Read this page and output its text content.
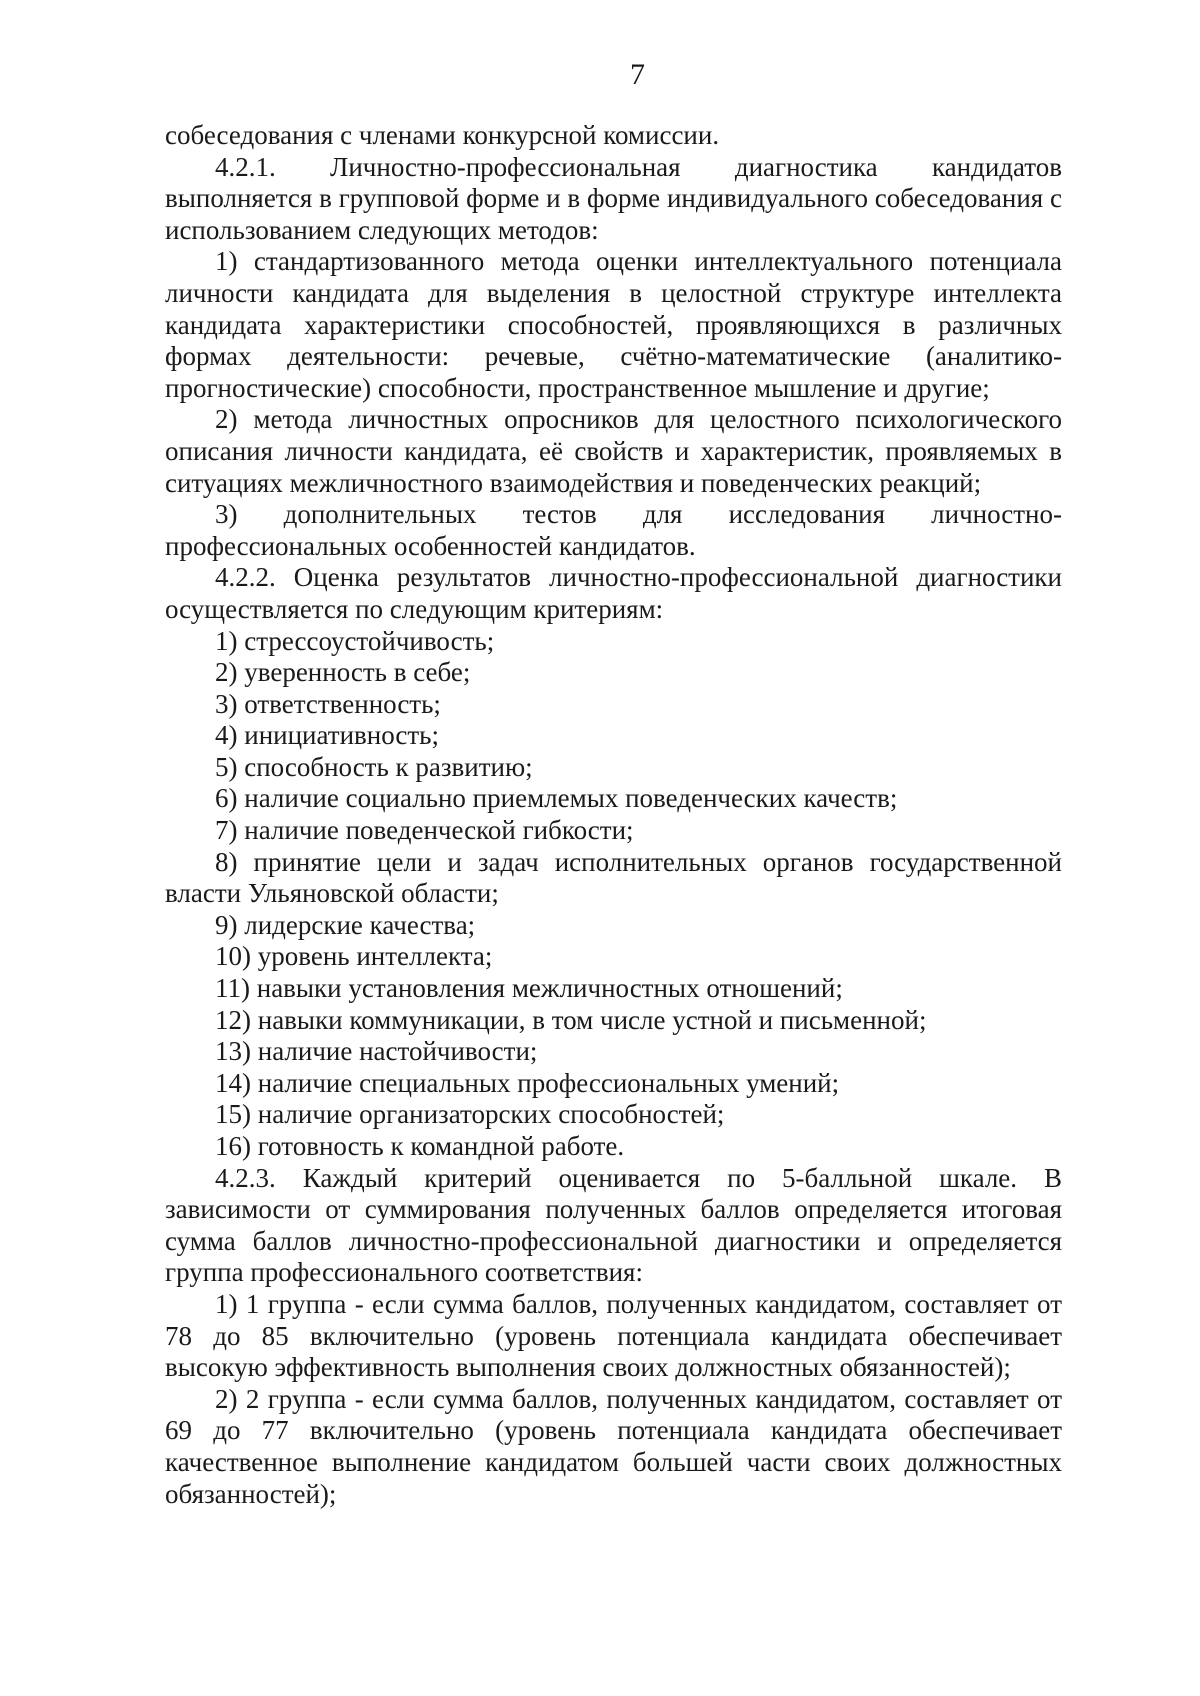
7

собеседования с членами конкурсной комиссии.

4.2.1. Личностно-профессиональная диагностика кандидатов выполняется в групповой форме и в форме индивидуального собеседования с использованием следующих методов:

1) стандартизованного метода оценки интеллектуального потенциала личности кандидата для выделения в целостной структуре интеллекта кандидата характеристики способностей, проявляющихся в различных формах деятельности: речевые, счётно-математические (аналитико-прогностические) способности, пространственное мышление и другие;

2) метода личностных опросников для целостного психологического описания личности кандидата, её свойств и характеристик, проявляемых в ситуациях межличностного взаимодействия и поведенческих реакций;

3) дополнительных тестов для исследования личностно-профессиональных особенностей кандидатов.

4.2.2. Оценка результатов личностно-профессиональной диагностики осуществляется по следующим критериям:

1) стрессоустойчивость;

2) уверенность в себе;

3) ответственность;

4) инициативность;

5) способность к развитию;

6) наличие социально приемлемых поведенческих качеств;

7) наличие поведенческой гибкости;

8) принятие цели и задач исполнительных органов государственной власти Ульяновской области;

9) лидерские качества;

10) уровень интеллекта;

11) навыки установления межличностных отношений;

12) навыки коммуникации, в том числе устной и письменной;

13) наличие настойчивости;

14) наличие специальных профессиональных умений;

15) наличие организаторских способностей;

16) готовность к командной работе.

4.2.3. Каждый критерий оценивается по 5-балльной шкале. В зависимости от суммирования полученных баллов определяется итоговая сумма баллов личностно-профессиональной диагностики и определяется группа профессионального соответствия:

1) 1 группа - если сумма баллов, полученных кандидатом, составляет от 78 до 85 включительно (уровень потенциала кандидата обеспечивает высокую эффективность выполнения своих должностных обязанностей);

2) 2 группа - если сумма баллов, полученных кандидатом, составляет от 69 до 77 включительно (уровень потенциала кандидата обеспечивает качественное выполнение кандидатом большей части своих должностных обязанностей);
